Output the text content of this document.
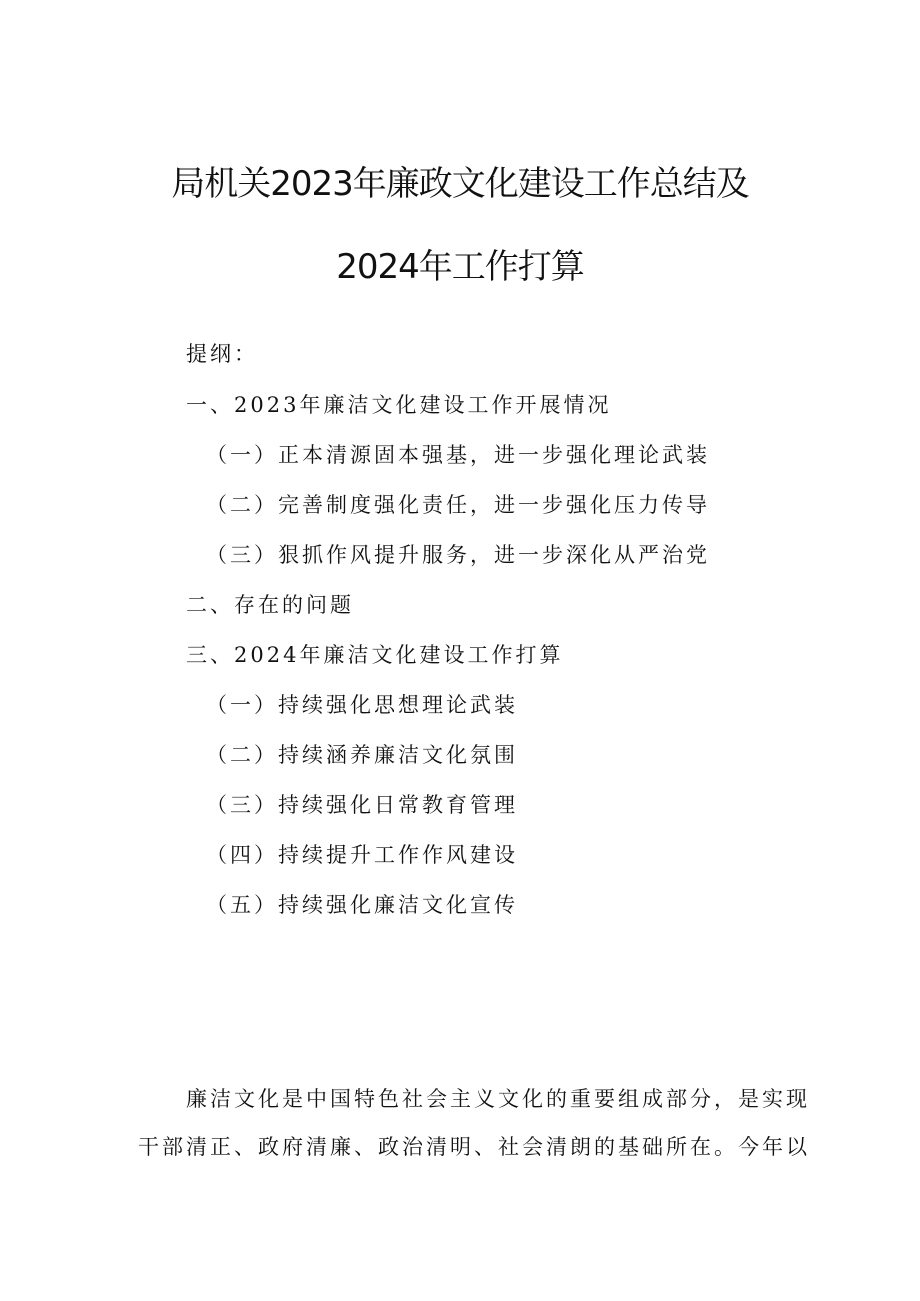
局机关2023年廉政文化建设工作总结及
2024年工作打算
提纲：
一、2023年廉洁文化建设工作开展情况
（一）正本清源固本强基，进一步强化理论武装
（二）完善制度强化责任，进一步强化压力传导
（三）狠抓作风提升服务，进一步深化从严治党
二、存在的问题
三、2024年廉洁文化建设工作打算
（一）持续强化思想理论武装
（二）持续涵养廉洁文化氛围
（三）持续强化日常教育管理
（四）持续提升工作作风建设
（五）持续强化廉洁文化宣传
廉洁文化是中国特色社会主义文化的重要组成部分，是实现
干部清正、政府清廉、政治清明、社会清朗的基础所在。今年以
